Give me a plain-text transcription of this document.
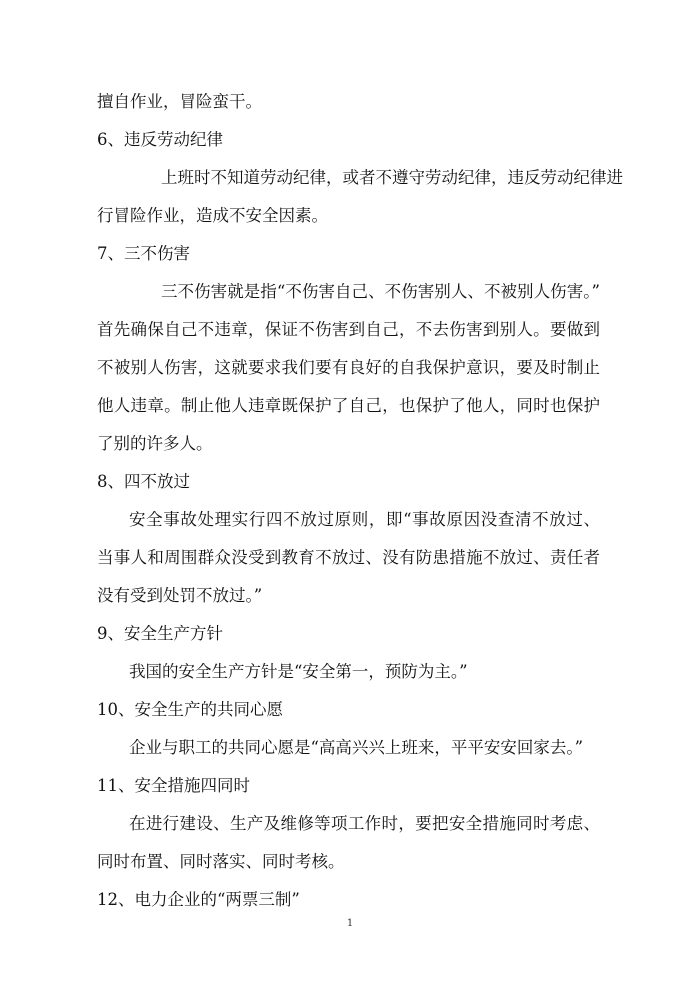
擅自作业，冒险蛮干。
6、违反劳动纪律
上班时不知道劳动纪律，或者不遵守劳动纪律，违反劳动纪律进
行冒险作业，造成不安全因素。
7、三不伤害
三不伤害就是指“不伤害自己、不伤害别人、不被别人伤害。”
首先确保自己不违章，保证不伤害到自己，不去伤害到别人。要做到
不被别人伤害，这就要求我们要有良好的自我保护意识，要及时制止
他人违章。制止他人违章既保护了自己，也保护了他人，同时也保护
了别的许多人。
8、四不放过
安全事故处理实行四不放过原则，即“事故原因没查清不放过、
当事人和周围群众没受到教育不放过、没有防患措施不放过、责任者
没有受到处罚不放过。”
9、安全生产方针
我国的安全生产方针是“安全第一，预防为主。”
10、安全生产的共同心愿
企业与职工的共同心愿是“高高兴兴上班来，平平安安回家去。”
11、安全措施四同时
在进行建设、生产及维修等项工作时，要把安全措施同时考虑、
同时布置、同时落实、同时考核。
12、电力企业的“两票三制”
1
